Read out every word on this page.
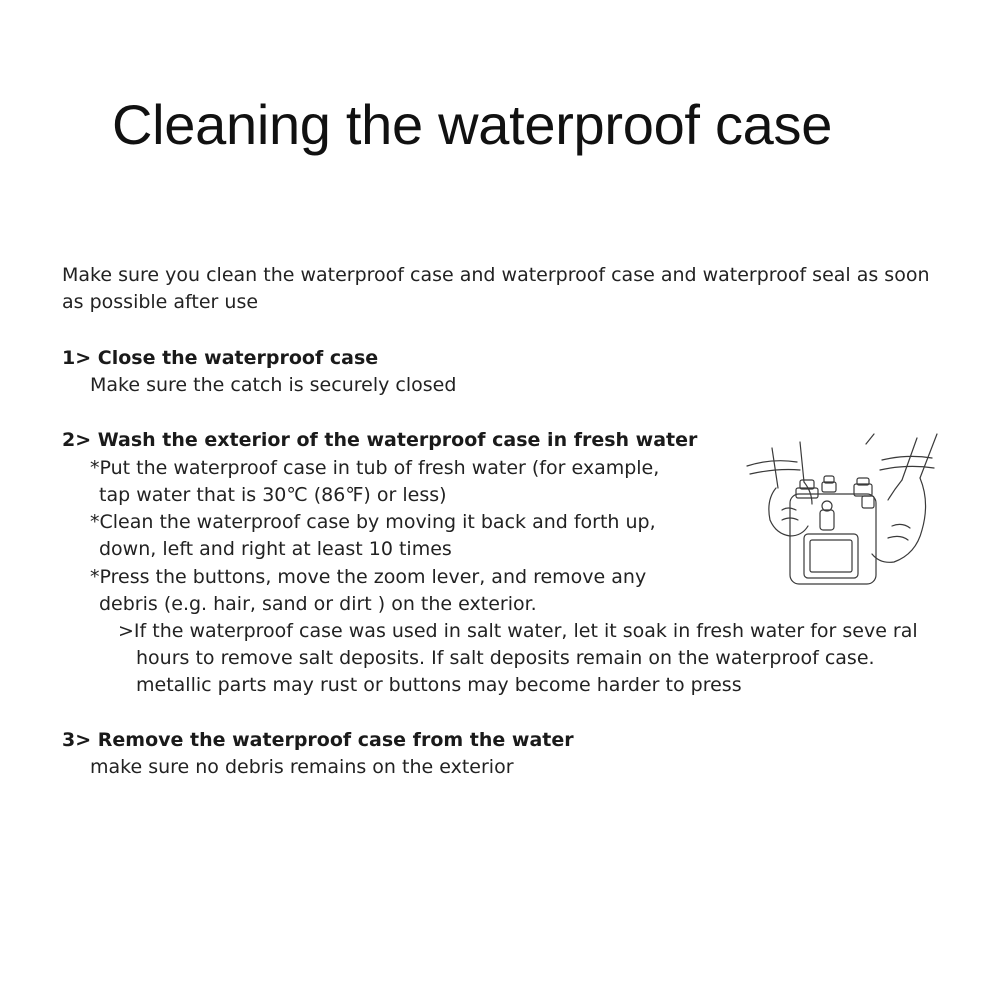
Cleaning the waterproof case
Make sure you clean the waterproof case and waterproof case and waterproof seal as soon
as possible after use
1> Close the waterproof case
Make sure the catch is securely closed
2> Wash the exterior of the waterproof case in fresh water
*Put the waterproof case in tub of fresh water (for example,
tap water that is 30℃ (86℉) or less)
*Clean the waterproof case by moving it back and forth up,
down, left and right at least 10 times
*Press the buttons, move the zoom lever, and remove any
debris (e.g. hair, sand or dirt ) on the exterior.
>If the waterproof case was used in salt water, let it soak in fresh water for seve ral
hours to remove salt deposits. If salt deposits remain on the waterproof case.
metallic parts may rust or buttons may become harder to press
3> Remove the waterproof case from the water
make sure no debris remains on the exterior
